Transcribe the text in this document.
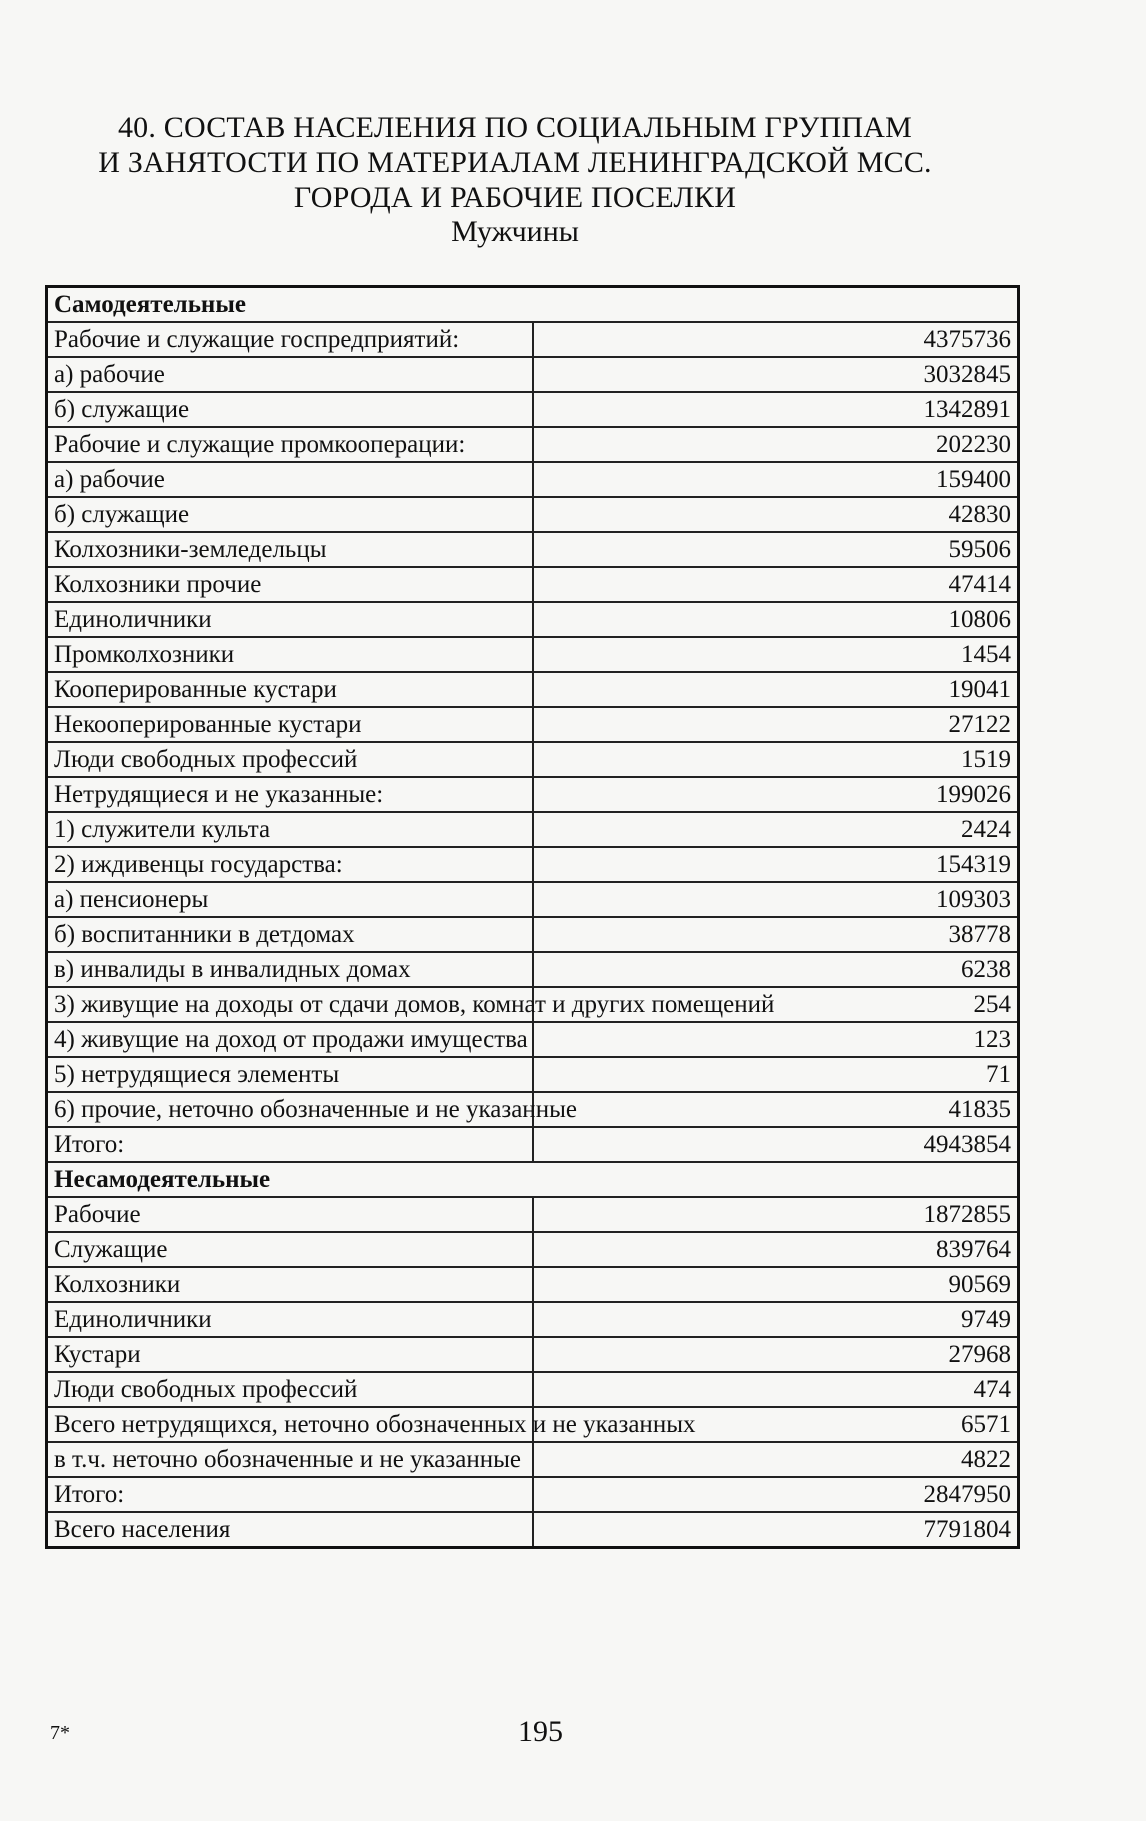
40. СОСТАВ НАСЕЛЕНИЯ ПО СОЦИАЛЬНЫМ ГРУППАМ
И ЗАНЯТОСТИ ПО МАТЕРИАЛАМ ЛЕНИНГРАДСКОЙ МСС.
ГОРОДА И РАБОЧИЕ ПОСЕЛКИ
Мужчины
Самодеятельные	
Рабочие и служащие госпредприятий:	4375736
а) рабочие	3032845
б) служащие	1342891
Рабочие и служащие промкооперации:	202230
а) рабочие	159400
б) служащие	42830
Колхозники-земледельцы	59506
Колхозники прочие	47414
Единоличники	10806
Промколхозники	1454
Кооперированные кустари	19041
Некооперированные кустари	27122
Люди свободных профессий	1519
Нетрудящиеся и не указанные:	199026
1) служители культа	2424
2) иждивенцы государства:	154319
а) пенсионеры	109303
б) воспитанники в детдомах	38778
в) инвалиды в инвалидных домах	6238
3) живущие на доходы от сдачи домов, комнат и других помещений	254
4) живущие на доход от продажи имущества	123
5) нетрудящиеся элементы	71
6) прочие, неточно обозначенные и не указанные	41835
Итого:	4943854
Несамодеятельные	
Рабочие	1872855
Служащие	839764
Колхозники	90569
Единоличники	9749
Кустари	27968
Люди свободных профессий	474
Всего нетрудящихся, неточно обозначенных и не указанных	6571
в т.ч. неточно обозначенные и не указанные	4822
Итого:	2847950
Всего населения	7791804
7*	195
